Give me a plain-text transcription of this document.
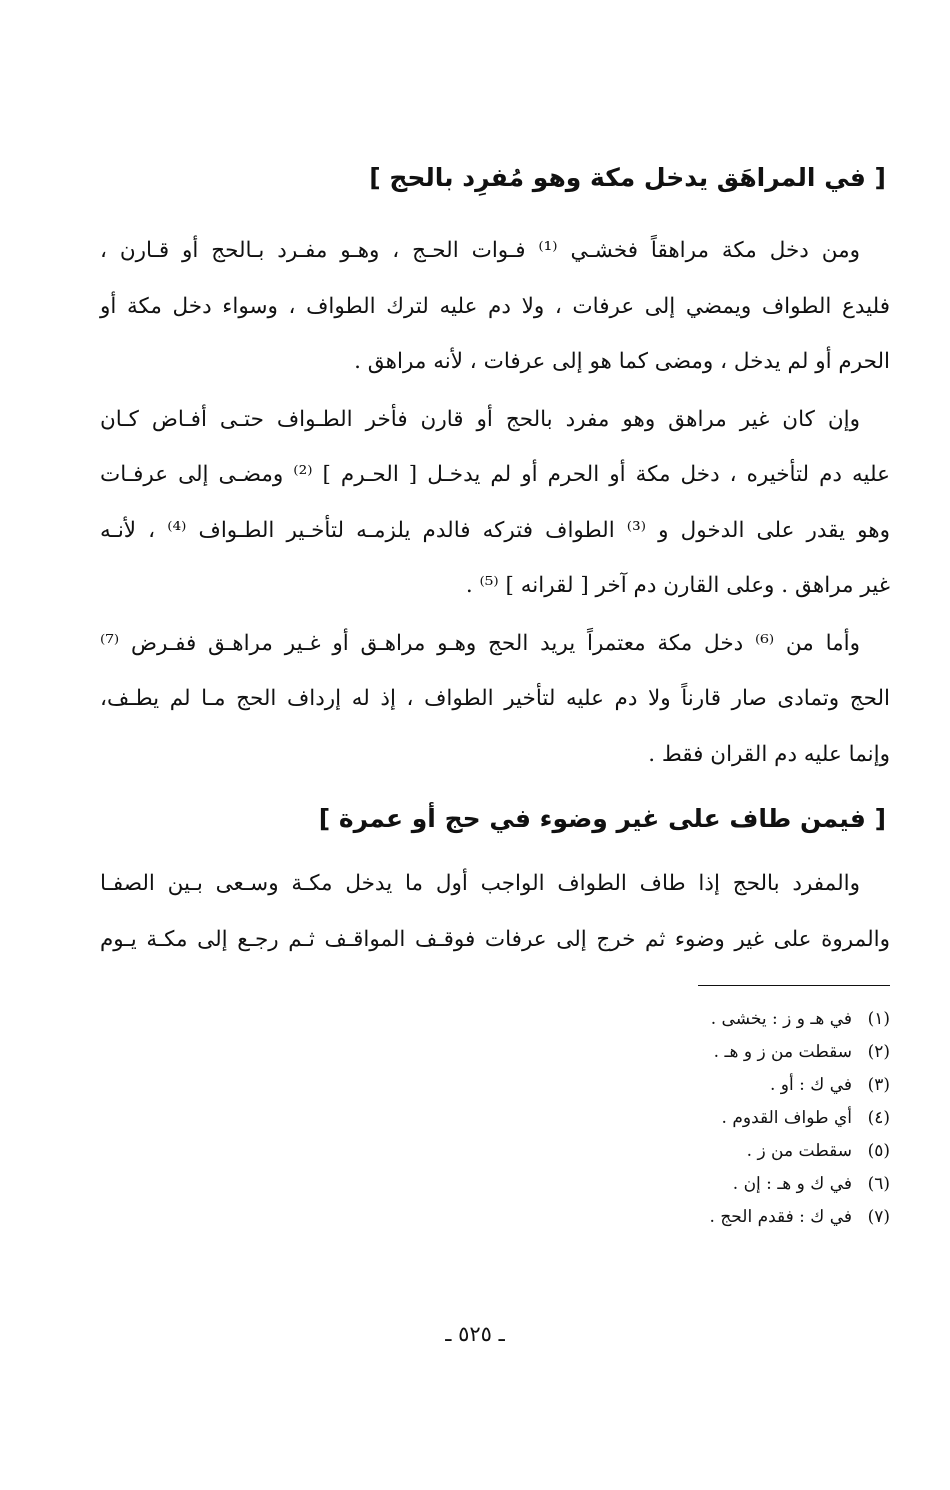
[ في المراهَق يدخل مكة وهو مُفرِد بالحج ]
ومن دخل مكة مراهقاً فخشـي ⁽¹⁾ فـوات الحـج ، وهـو مفـرد بـالحج أو قـارن ،
فليدع الطواف ويمضي إلى عرفات ، ولا دم عليه لترك الطواف ، وسواء دخل مكة أو
الحرم أو لم يدخل ، ومضى كما هو إلى عرفات ، لأنه مراهق .
وإن كان غير مراهق وهو مفرد بالحج أو قارن فأخر الطـواف حتـى أفـاض كـان
عليه دم لتأخيره ، دخل مكة أو الحرم أو لم يدخـل [ الحـرم ] ⁽²⁾ ومضـى إلى عرفـات
وهو يقدر على الدخول و ⁽³⁾ الطواف فتركه فالدم يلزمـه لتأخـير الطـواف ⁽⁴⁾ ، لأنـه
غير مراهق . وعلى القارن دم آخر [ لقرانه ] ⁽⁵⁾ .
وأما من ⁽⁶⁾ دخل مكة معتمراً يريد الحج وهـو مراهـق أو غـير مراهـق ففـرض ⁽⁷⁾
الحج وتمادى صار قارناً ولا دم عليه لتأخير الطواف ، إذ له إرداف الحج مـا لم يطـف،
وإنما عليه دم القران فقط .
[ فيمن طاف على غير وضوء في حج أو عمرة ]
والمفرد بالحج إذا طاف الطواف الواجب أول ما يدخل مكـة وسـعى بـين الصفـا
والمروة على غير وضوء ثم خرج إلى عرفات فوقـف المواقـف ثـم رجـع إلى مكـة يـوم
(١)في هـ و ز : يخشى .
(٢)سقطت من ز و هـ .
(٣)في ك : أو .
(٤)أي طواف القدوم .
(٥)سقطت من ز .
(٦)في ك و هـ : إن .
(٧)في ك : فقدم الحج .
ـ ٥٢٥ ـ
